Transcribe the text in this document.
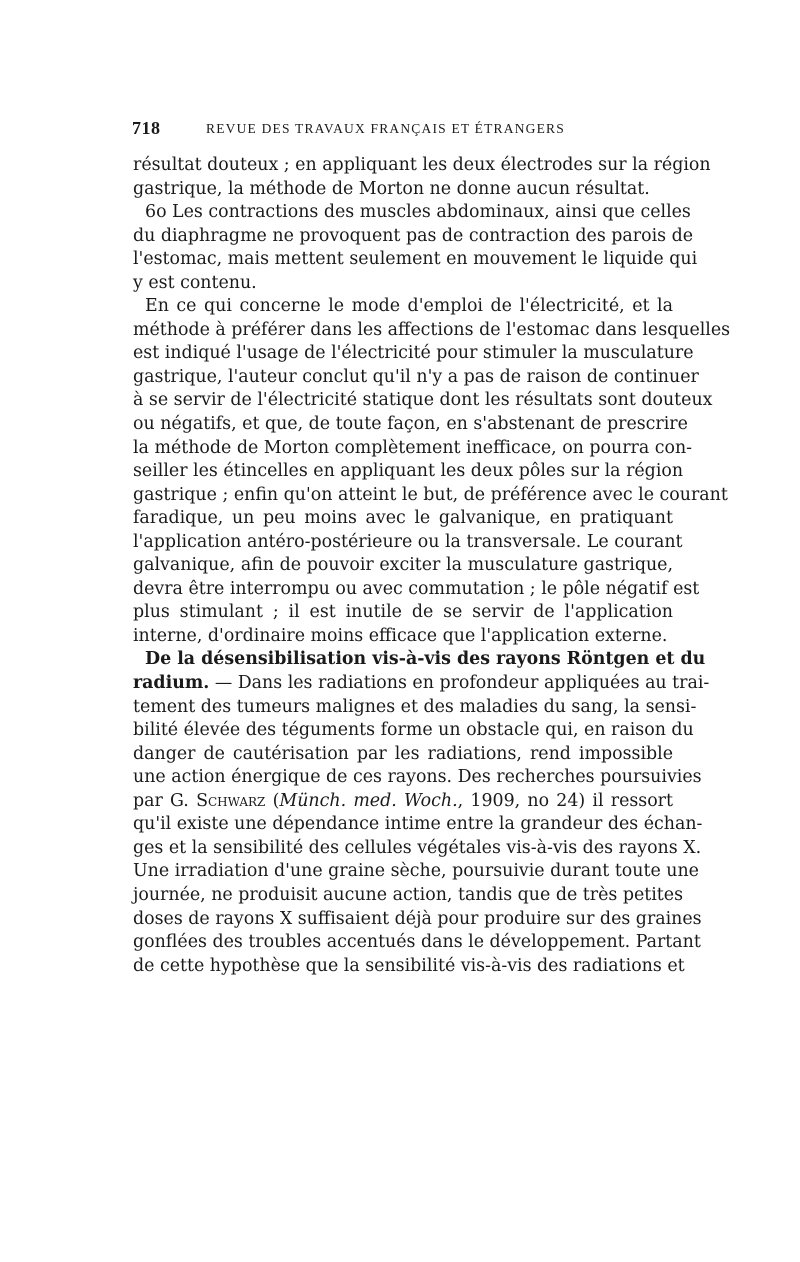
718	REVUE DES TRAVAUX FRANÇAIS ET ÉTRANGERS
résultat douteux ; en appliquant les deux électrodes sur la région
gastrique, la méthode de Morton ne donne aucun résultat.
6o Les contractions des muscles abdominaux, ainsi que celles
du diaphragme ne provoquent pas de contraction des parois de
l'estomac, mais mettent seulement en mouvement le liquide qui
y est contenu.
En ce qui concerne le mode d'emploi de l'électricité, et la
méthode à préférer dans les affections de l'estomac dans lesquelles
est indiqué l'usage de l'électricité pour stimuler la musculature
gastrique, l'auteur conclut qu'il n'y a pas de raison de continuer
à se servir de l'électricité statique dont les résultats sont douteux
ou négatifs, et que, de toute façon, en s'abstenant de prescrire
la méthode de Morton complètement inefficace, on pourra con-
seiller les étincelles en appliquant les deux pôles sur la région
gastrique ; enfin qu'on atteint le but, de préférence avec le courant
faradique, un peu moins avec le galvanique, en pratiquant
l'application antéro-postérieure ou la transversale. Le courant
galvanique, afin de pouvoir exciter la musculature gastrique,
devra être interrompu ou avec commutation ; le pôle négatif est
plus stimulant ; il est inutile de se servir de l'application
interne, d'ordinaire moins efficace que l'application externe.
De la désensibilisation vis-à-vis des rayons Röntgen et du
radium. — Dans les radiations en profondeur appliquées au trai-
tement des tumeurs malignes et des maladies du sang, la sensi-
bilité élevée des téguments forme un obstacle qui, en raison du
danger de cautérisation par les radiations, rend impossible
une action énergique de ces rayons. Des recherches poursuivies
par G. Schwarz (Münch. med. Woch., 1909, no 24) il ressort
qu'il existe une dépendance intime entre la grandeur des échan-
ges et la sensibilité des cellules végétales vis-à-vis des rayons X.
Une irradiation d'une graine sèche, poursuivie durant toute une
journée, ne produisit aucune action, tandis que de très petites
doses de rayons X suffisaient déjà pour produire sur des graines
gonflées des troubles accentués dans le développement. Partant
de cette hypothèse que la sensibilité vis-à-vis des radiations et
